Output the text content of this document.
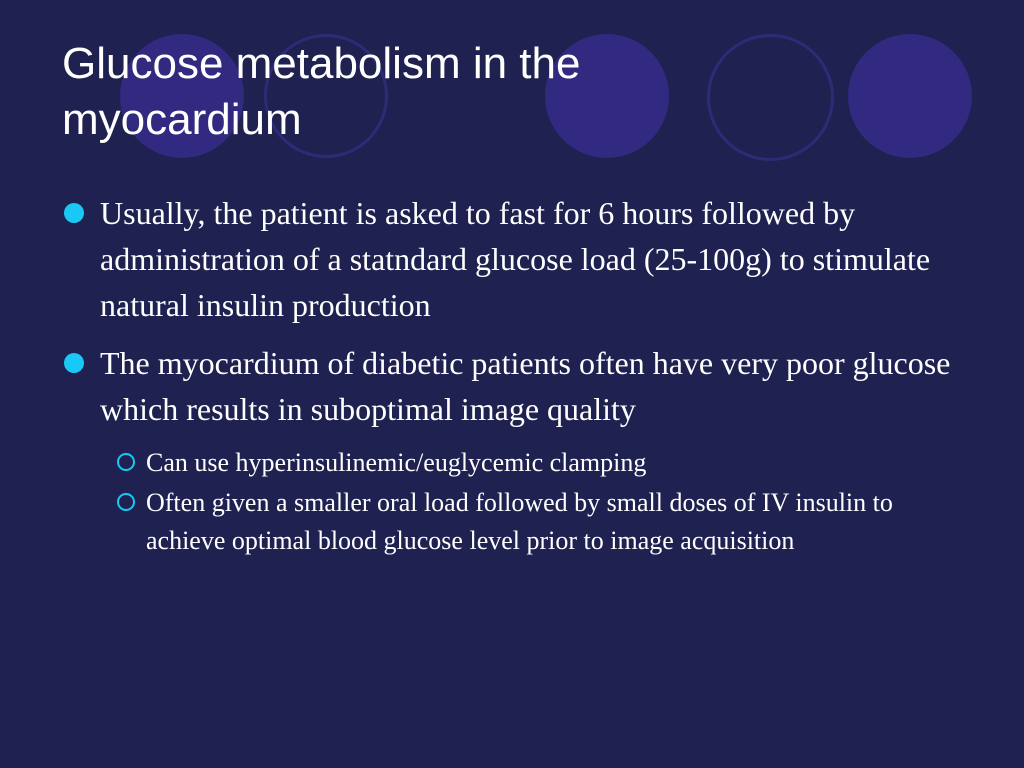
Glucose metabolism in the myocardium
Usually, the patient is asked to fast for 6 hours followed by administration of a statndard glucose load (25-100g) to stimulate natural insulin production
The myocardium of diabetic patients often have very poor glucose which results in suboptimal image quality
Can use hyperinsulinemic/euglycemic clamping
Often given a smaller oral load followed by small doses of IV insulin to achieve optimal blood glucose level prior to image acquisition
